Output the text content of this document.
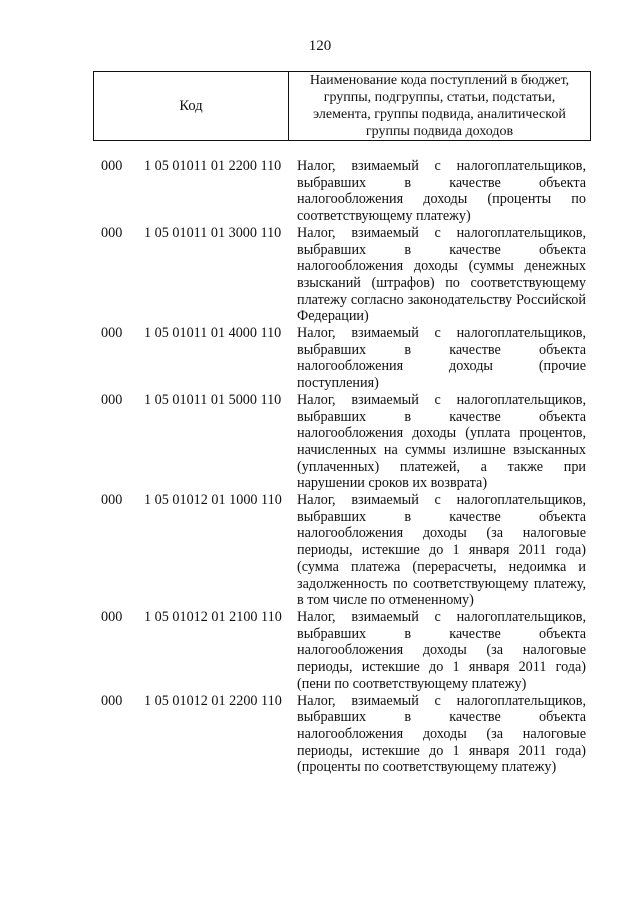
120
Код
Наименование кода поступлений в бюджет, группы, подгруппы, статьи, подстатьи, элемента, группы подвида, аналитической группы подвида доходов
000 1 05 01011 01 2200 110 Налог, взимаемый с налогоплательщиков, выбравших в качестве объекта налогообложения доходы (проценты по соответствующему платежу)
000 1 05 01011 01 3000 110 Налог, взимаемый с налогоплательщиков, выбравших в качестве объекта налогообложения доходы (суммы денежных взысканий (штрафов) по соответствующему платежу согласно законодательству Российской Федерации)
000 1 05 01011 01 4000 110 Налог, взимаемый с налогоплательщиков, выбравших в качестве объекта налогообложения доходы (прочие поступления)
000 1 05 01011 01 5000 110 Налог, взимаемый с налогоплательщиков, выбравших в качестве объекта налогообложения доходы (уплата процентов, начисленных на суммы излишне взысканных (уплаченных) платежей, а также при нарушении сроков их возврата)
000 1 05 01012 01 1000 110 Налог, взимаемый с налогоплательщиков, выбравших в качестве объекта налогообложения доходы (за налоговые периоды, истекшие до 1 января 2011 года) (сумма платежа (перерасчеты, недоимка и задолженность по соответствующему платежу, в том числе по отмененному)
000 1 05 01012 01 2100 110 Налог, взимаемый с налогоплательщиков, выбравших в качестве объекта налогообложения доходы (за налоговые периоды, истекшие до 1 января 2011 года) (пени по соответствующему платежу)
000 1 05 01012 01 2200 110 Налог, взимаемый с налогоплательщиков, выбравших в качестве объекта налогообложения доходы (за налоговые периоды, истекшие до 1 января 2011 года) (проценты по соответствующему платежу)
